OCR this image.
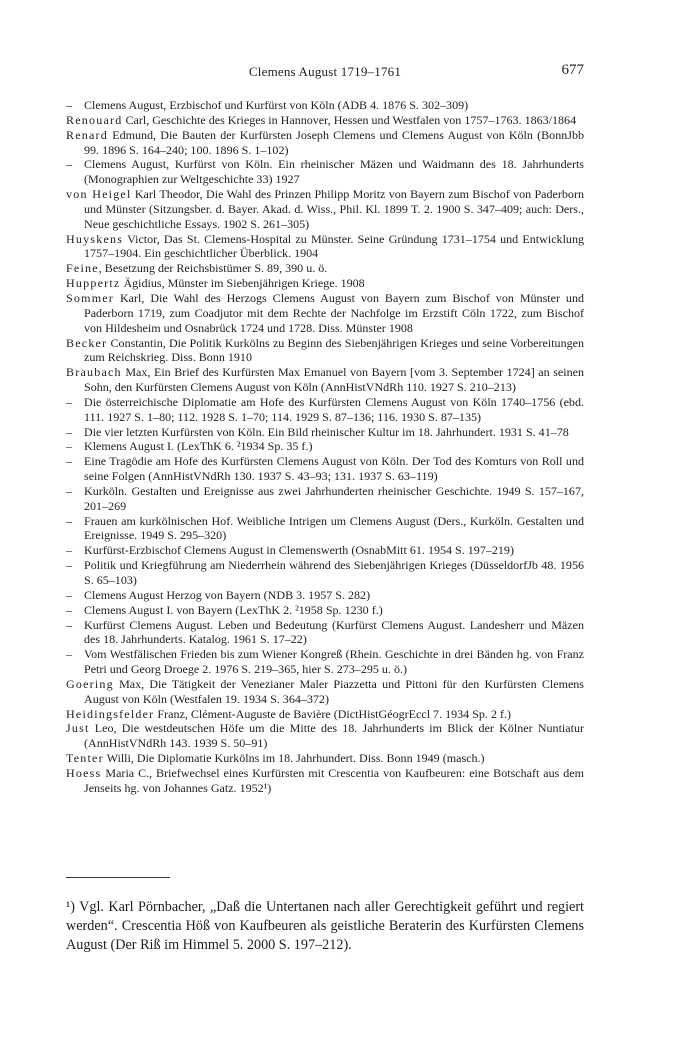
Clemens August 1719–1761	677
– Clemens August, Erzbischof und Kurfürst von Köln (ADB 4. 1876 S. 302–309)
Renouard Carl, Geschichte des Krieges in Hannover, Hessen und Westfalen von 1757–1763. 1863/1864
Renard Edmund, Die Bauten der Kurfürsten Joseph Clemens und Clemens August von Köln (BonnJbb 99. 1896 S. 164–240; 100. 1896 S. 1–102)
– Clemens August, Kurfürst von Köln. Ein rheinischer Mäzen und Waidmann des 18. Jahrhunderts (Monographien zur Weltgeschichte 33) 1927
von Heigel Karl Theodor, Die Wahl des Prinzen Philipp Moritz von Bayern zum Bischof von Paderborn und Münster (Sitzungsber. d. Bayer. Akad. d. Wiss., Phil. Kl. 1899 T. 2. 1900 S. 347–409; auch: Ders., Neue geschichtliche Essays. 1902 S. 261–305)
Huyskens Victor, Das St. Clemens-Hospital zu Münster. Seine Gründung 1731–1754 und Entwicklung 1757–1904. Ein geschichtlicher Überblick. 1904
Feine, Besetzung der Reichsbistümer S. 89, 390 u. ö.
Huppertz Ägidius, Münster im Siebenjährigen Kriege. 1908
Sommer Karl, Die Wahl des Herzogs Clemens August von Bayern zum Bischof von Münster und Paderborn 1719, zum Coadjutor mit dem Rechte der Nachfolge im Erzstift Cöln 1722, zum Bischof von Hildesheim und Osnabrück 1724 und 1728. Diss. Münster 1908
Becker Constantin, Die Politik Kurkölns zu Beginn des Siebenjährigen Krieges und seine Vorbereitungen zum Reichskrieg. Diss. Bonn 1910
Braubach Max, Ein Brief des Kurfürsten Max Emanuel von Bayern [vom 3. September 1724] an seinen Sohn, den Kurfürsten Clemens August von Köln (AnnHistVNdRh 110. 1927 S. 210–213)
– Die österreichische Diplomatie am Hofe des Kurfürsten Clemens August von Köln 1740–1756 (ebd. 111. 1927 S. 1–80; 112. 1928 S. 1–70; 114. 1929 S. 87–136; 116. 1930 S. 87–135)
– Die vier letzten Kurfürsten von Köln. Ein Bild rheinischer Kultur im 18. Jahrhundert. 1931 S. 41–78
– Klemens August I. (LexThK 6. ²1934 Sp. 35 f.)
– Eine Tragödie am Hofe des Kurfürsten Clemens August von Köln. Der Tod des Komturs von Roll und seine Folgen (AnnHistVNdRh 130. 1937 S. 43–93; 131. 1937 S. 63–119)
– Kurköln. Gestalten und Ereignisse aus zwei Jahrhunderten rheinischer Geschichte. 1949 S. 157–167, 201–269
– Frauen am kurkölnischen Hof. Weibliche Intrigen um Clemens August (Ders., Kurköln. Gestalten und Ereignisse. 1949 S. 295–320)
– Kurfürst-Erzbischof Clemens August in Clemenswerth (OsnabMitt 61. 1954 S. 197–219)
– Politik und Kriegführung am Niederrhein während des Siebenjährigen Krieges (DüsseldorfJb 48. 1956 S. 65–103)
– Clemens August Herzog von Bayern (NDB 3. 1957 S. 282)
– Clemens August I. von Bayern (LexThK 2. ²1958 Sp. 1230 f.)
– Kurfürst Clemens August. Leben und Bedeutung (Kurfürst Clemens August. Landesherr und Mäzen des 18. Jahrhunderts. Katalog. 1961 S. 17–22)
– Vom Westfälischen Frieden bis zum Wiener Kongreß (Rhein. Geschichte in drei Bänden hg. von Franz Petri und Georg Droege 2. 1976 S. 219–365, hier S. 273–295 u. ö.)
Goering Max, Die Tätigkeit der Venezianer Maler Piazzetta und Pittoni für den Kurfürsten Clemens August von Köln (Westfalen 19. 1934 S. 364–372)
Heidingsfelder Franz, Clément-Auguste de Bavière (DictHistGéogrEccl 7. 1934 Sp. 2 f.)
Just Leo, Die westdeutschen Höfe um die Mitte des 18. Jahrhunderts im Blick der Kölner Nuntiatur (AnnHistVNdRh 143. 1939 S. 50–91)
Tenter Willi, Die Diplomatie Kurkölns im 18. Jahrhundert. Diss. Bonn 1949 (masch.)
Hoess Maria C., Briefwechsel eines Kurfürsten mit Crescentia von Kaufbeuren: eine Botschaft aus dem Jenseits hg. von Johannes Gatz. 1952¹)

¹) Vgl. Karl Pörnbacher, „Daß die Untertanen nach aller Gerechtigkeit geführt und regiert werden“. Crescentia Höß von Kaufbeuren als geistliche Beraterin des Kurfürsten Clemens August (Der Riß im Himmel 5. 2000 S. 197–212).
